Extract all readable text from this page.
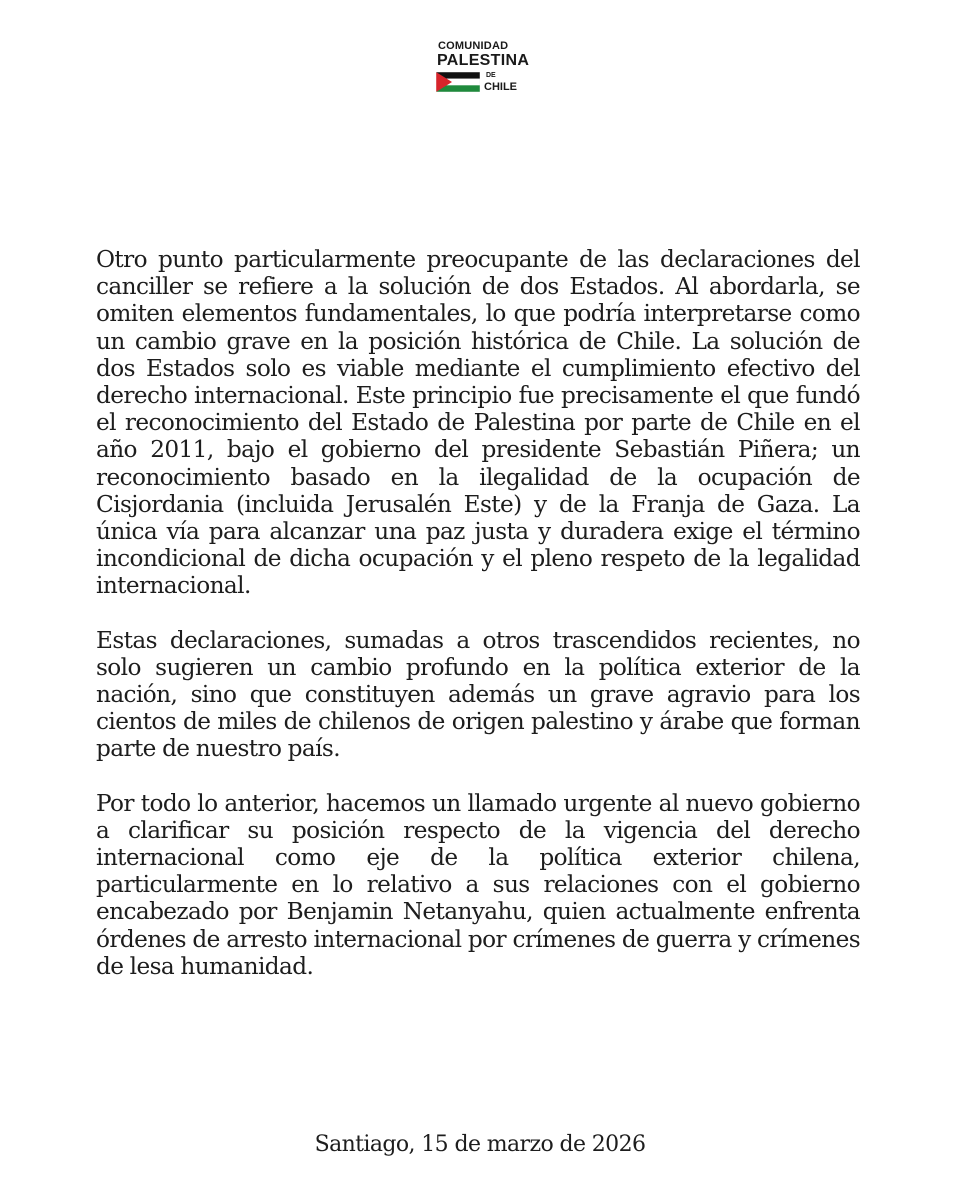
COMUNIDAD
PALESTINA
DE
CHILE

Otro punto particularmente preocupante de las declaraciones del canciller se refiere a la solución de dos Estados. Al abordarla, se omiten elementos fundamentales, lo que podría interpretarse como un cambio grave en la posición histórica de Chile. La solución de dos Estados solo es viable mediante el cumplimiento efectivo del derecho internacional. Este principio fue precisamente el que fundó el reconocimiento del Estado de Palestina por parte de Chile en el año 2011, bajo el gobierno del presidente Sebastián Piñera; un reconocimiento basado en la ilegalidad de la ocupación de Cisjordania (incluida Jerusalén Este) y de la Franja de Gaza. La única vía para alcanzar una paz justa y duradera exige el término incondicional de dicha ocupación y el pleno respeto de la legalidad internacional.

Estas declaraciones, sumadas a otros trascendidos recientes, no solo sugieren un cambio profundo en la política exterior de la nación, sino que constituyen además un grave agravio para los cientos de miles de chilenos de origen palestino y árabe que forman parte de nuestro país.

Por todo lo anterior, hacemos un llamado urgente al nuevo gobierno a clarificar su posición respecto de la vigencia del derecho internacional como eje de la política exterior chilena, particularmente en lo relativo a sus relaciones con el gobierno encabezado por Benjamin Netanyahu, quien actualmente enfrenta órdenes de arresto internacional por crímenes de guerra y crímenes de lesa humanidad.

Santiago, 15 de marzo de 2026
